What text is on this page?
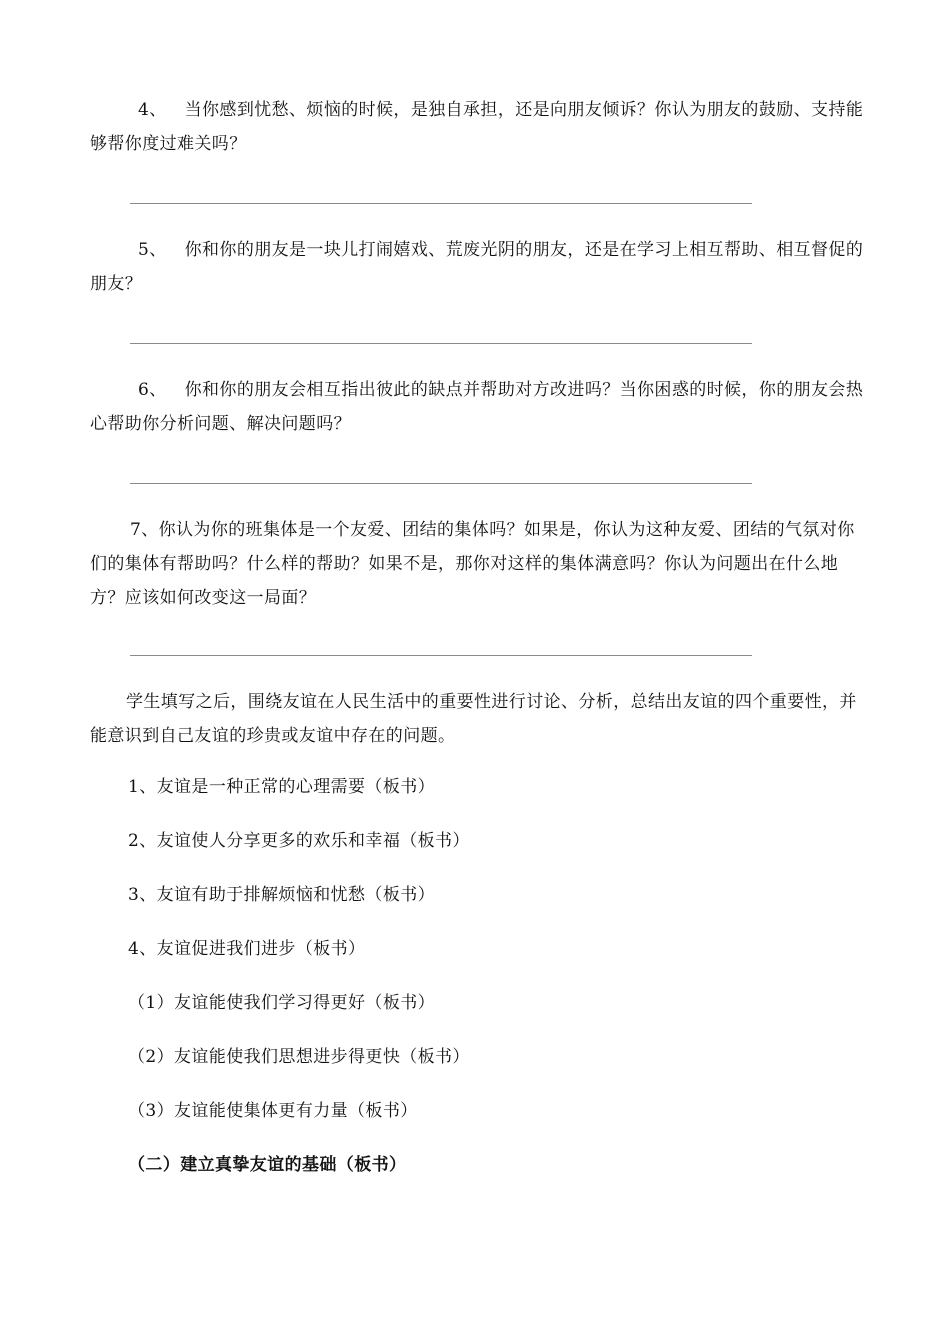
4、 当你感到忧愁、烦恼的时候，是独自承担，还是向朋友倾诉？你认为朋友的鼓励、支持能够帮你度过难关吗？

5、 你和你的朋友是一块儿打闹嬉戏、荒废光阴的朋友，还是在学习上相互帮助、相互督促的朋友？

6、 你和你的朋友会相互指出彼此的缺点并帮助对方改进吗？当你困惑的时候，你的朋友会热心帮助你分析问题、解决问题吗？

7、你认为你的班集体是一个友爱、团结的集体吗？如果是，你认为这种友爱、团结的气氛对你们的集体有帮助吗？什么样的帮助？如果不是，那你对这样的集体满意吗？你认为问题出在什么地方？应该如何改变这一局面？

学生填写之后，围绕友谊在人民生活中的重要性进行讨论、分析，总结出友谊的四个重要性，并能意识到自己友谊的珍贵或友谊中存在的问题。

1、友谊是一种正常的心理需要（板书）

2、友谊使人分享更多的欢乐和幸福（板书）

3、友谊有助于排解烦恼和忧愁（板书）

4、友谊促进我们进步（板书）

（1）友谊能使我们学习得更好（板书）

（2）友谊能使我们思想进步得更快（板书）

（3）友谊能使集体更有力量（板书）

（二）建立真挚友谊的基础（板书）
